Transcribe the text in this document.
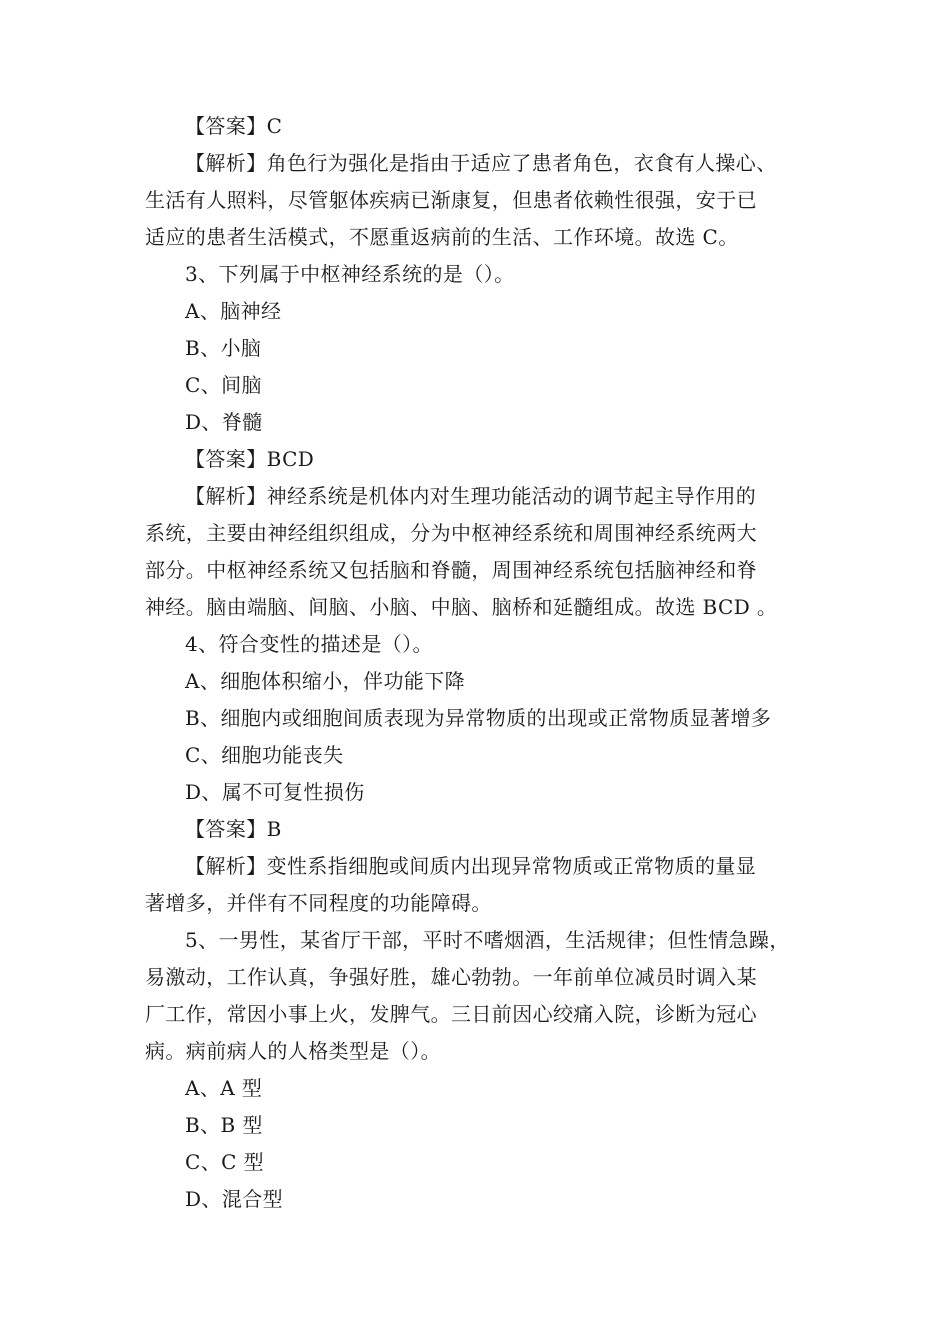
【答案】C
【解析】角色行为强化是指由于适应了患者角色，衣食有人操心、
生活有人照料，尽管躯体疾病已渐康复，但患者依赖性很强，安于已
适应的患者生活模式，不愿重返病前的生活、工作环境。故选 C。
3、下列属于中枢神经系统的是（）。
A、脑神经
B、小脑
C、间脑
D、脊髓
【答案】BCD
【解析】神经系统是机体内对生理功能活动的调节起主导作用的
系统，主要由神经组织组成，分为中枢神经系统和周围神经系统两大
部分。中枢神经系统又包括脑和脊髓，周围神经系统包括脑神经和脊
神经。脑由端脑、间脑、小脑、中脑、脑桥和延髓组成。故选 BCD 。
4、符合变性的描述是（）。
A、细胞体积缩小，伴功能下降
B、细胞内或细胞间质表现为异常物质的出现或正常物质显著增多
C、细胞功能丧失
D、属不可复性损伤
【答案】B
【解析】变性系指细胞或间质内出现异常物质或正常物质的量显
著增多，并伴有不同程度的功能障碍。
5、一男性，某省厅干部，平时不嗜烟酒，生活规律；但性情急躁，
易激动，工作认真，争强好胜，雄心勃勃。一年前单位减员时调入某
厂工作，常因小事上火，发脾气。三日前因心绞痛入院，诊断为冠心
病。病前病人的人格类型是（）。
A、A 型
B、B 型
C、C 型
D、混合型
